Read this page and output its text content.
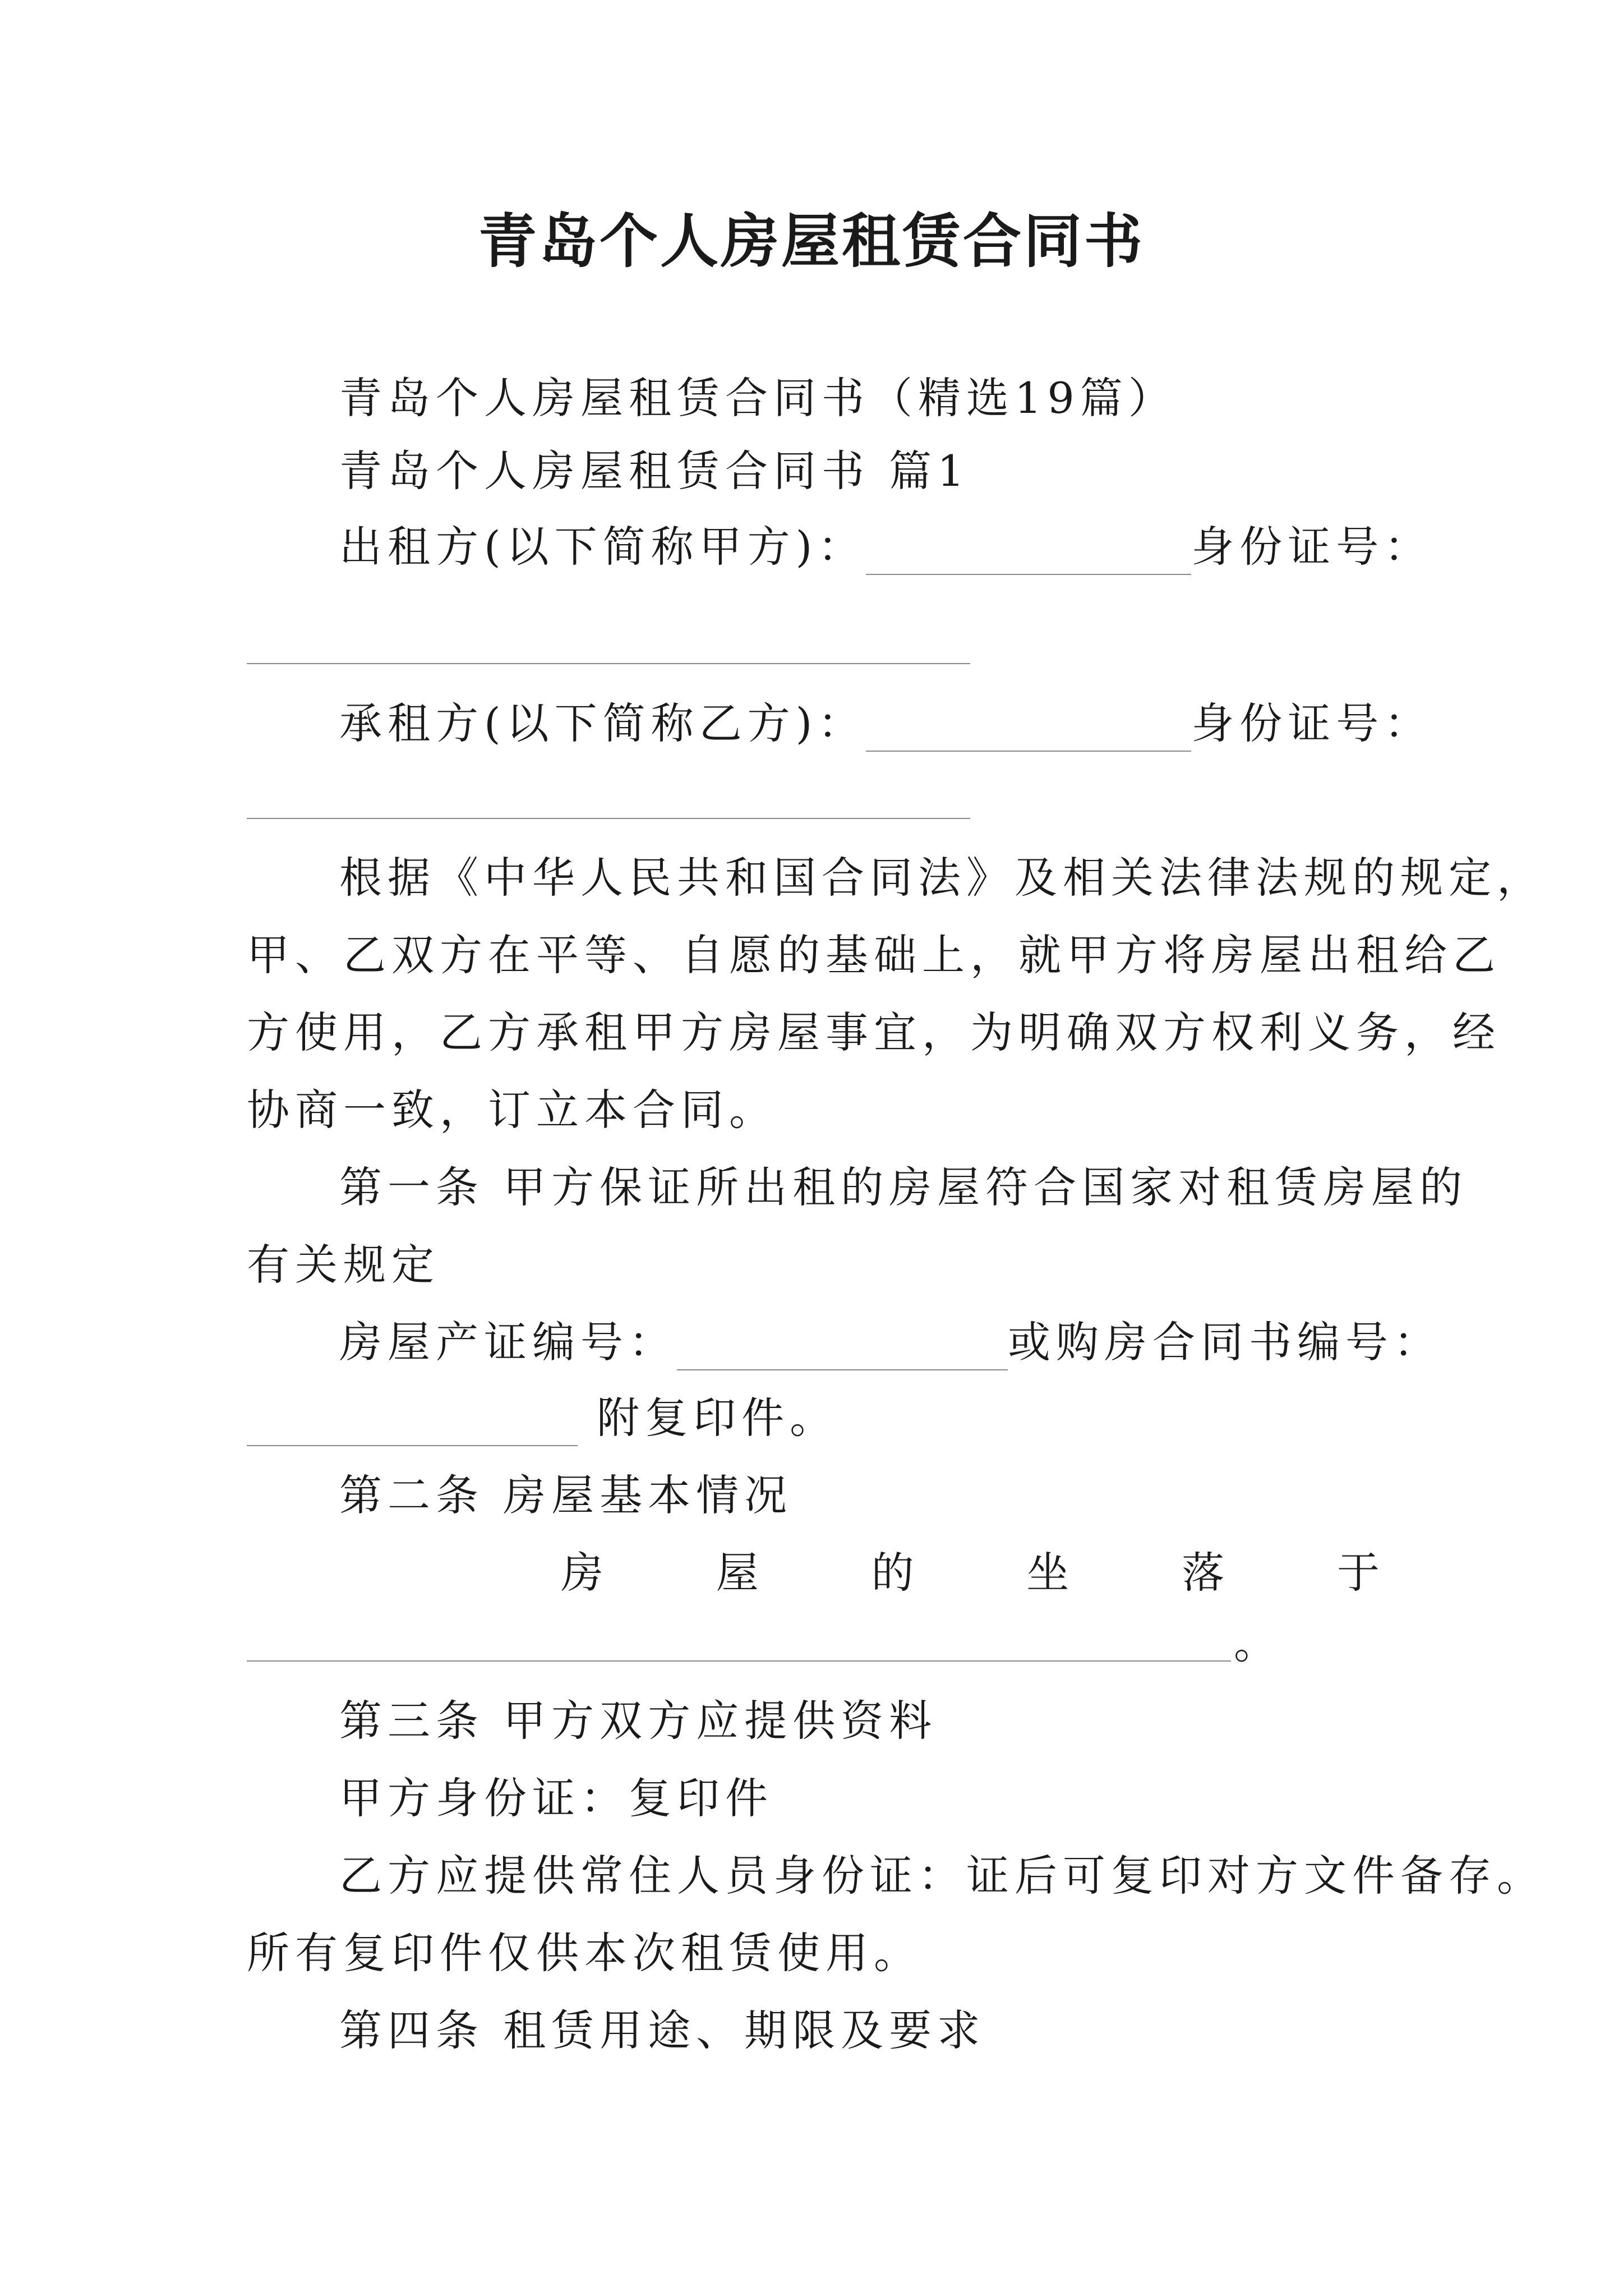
青岛个人房屋租赁合同书
青岛个人房屋租赁合同书（精选19篇）
青岛个人房屋租赁合同书 篇1
出租方(以下简称甲方)：	身份证号：
承租方(以下简称乙方)：	身份证号：
根据《中华人民共和国合同法》及相关法律法规的规定，
甲、乙双方在平等、自愿的基础上，就甲方将房屋出租给乙
方使用，乙方承租甲方房屋事宜，为明确双方权利义务，经
协商一致，订立本合同。
第一条 甲方保证所出租的房屋符合国家对租赁房屋的
有关规定
房屋产证编号：	或购房合同书编号：
附复印件。
第二条 房屋基本情况
房	屋	的	坐	落	于
。
第三条 甲方双方应提供资料
甲方身份证：复印件
乙方应提供常住人员身份证：证后可复印对方文件备存。
所有复印件仅供本次租赁使用。
第四条 租赁用途、期限及要求
